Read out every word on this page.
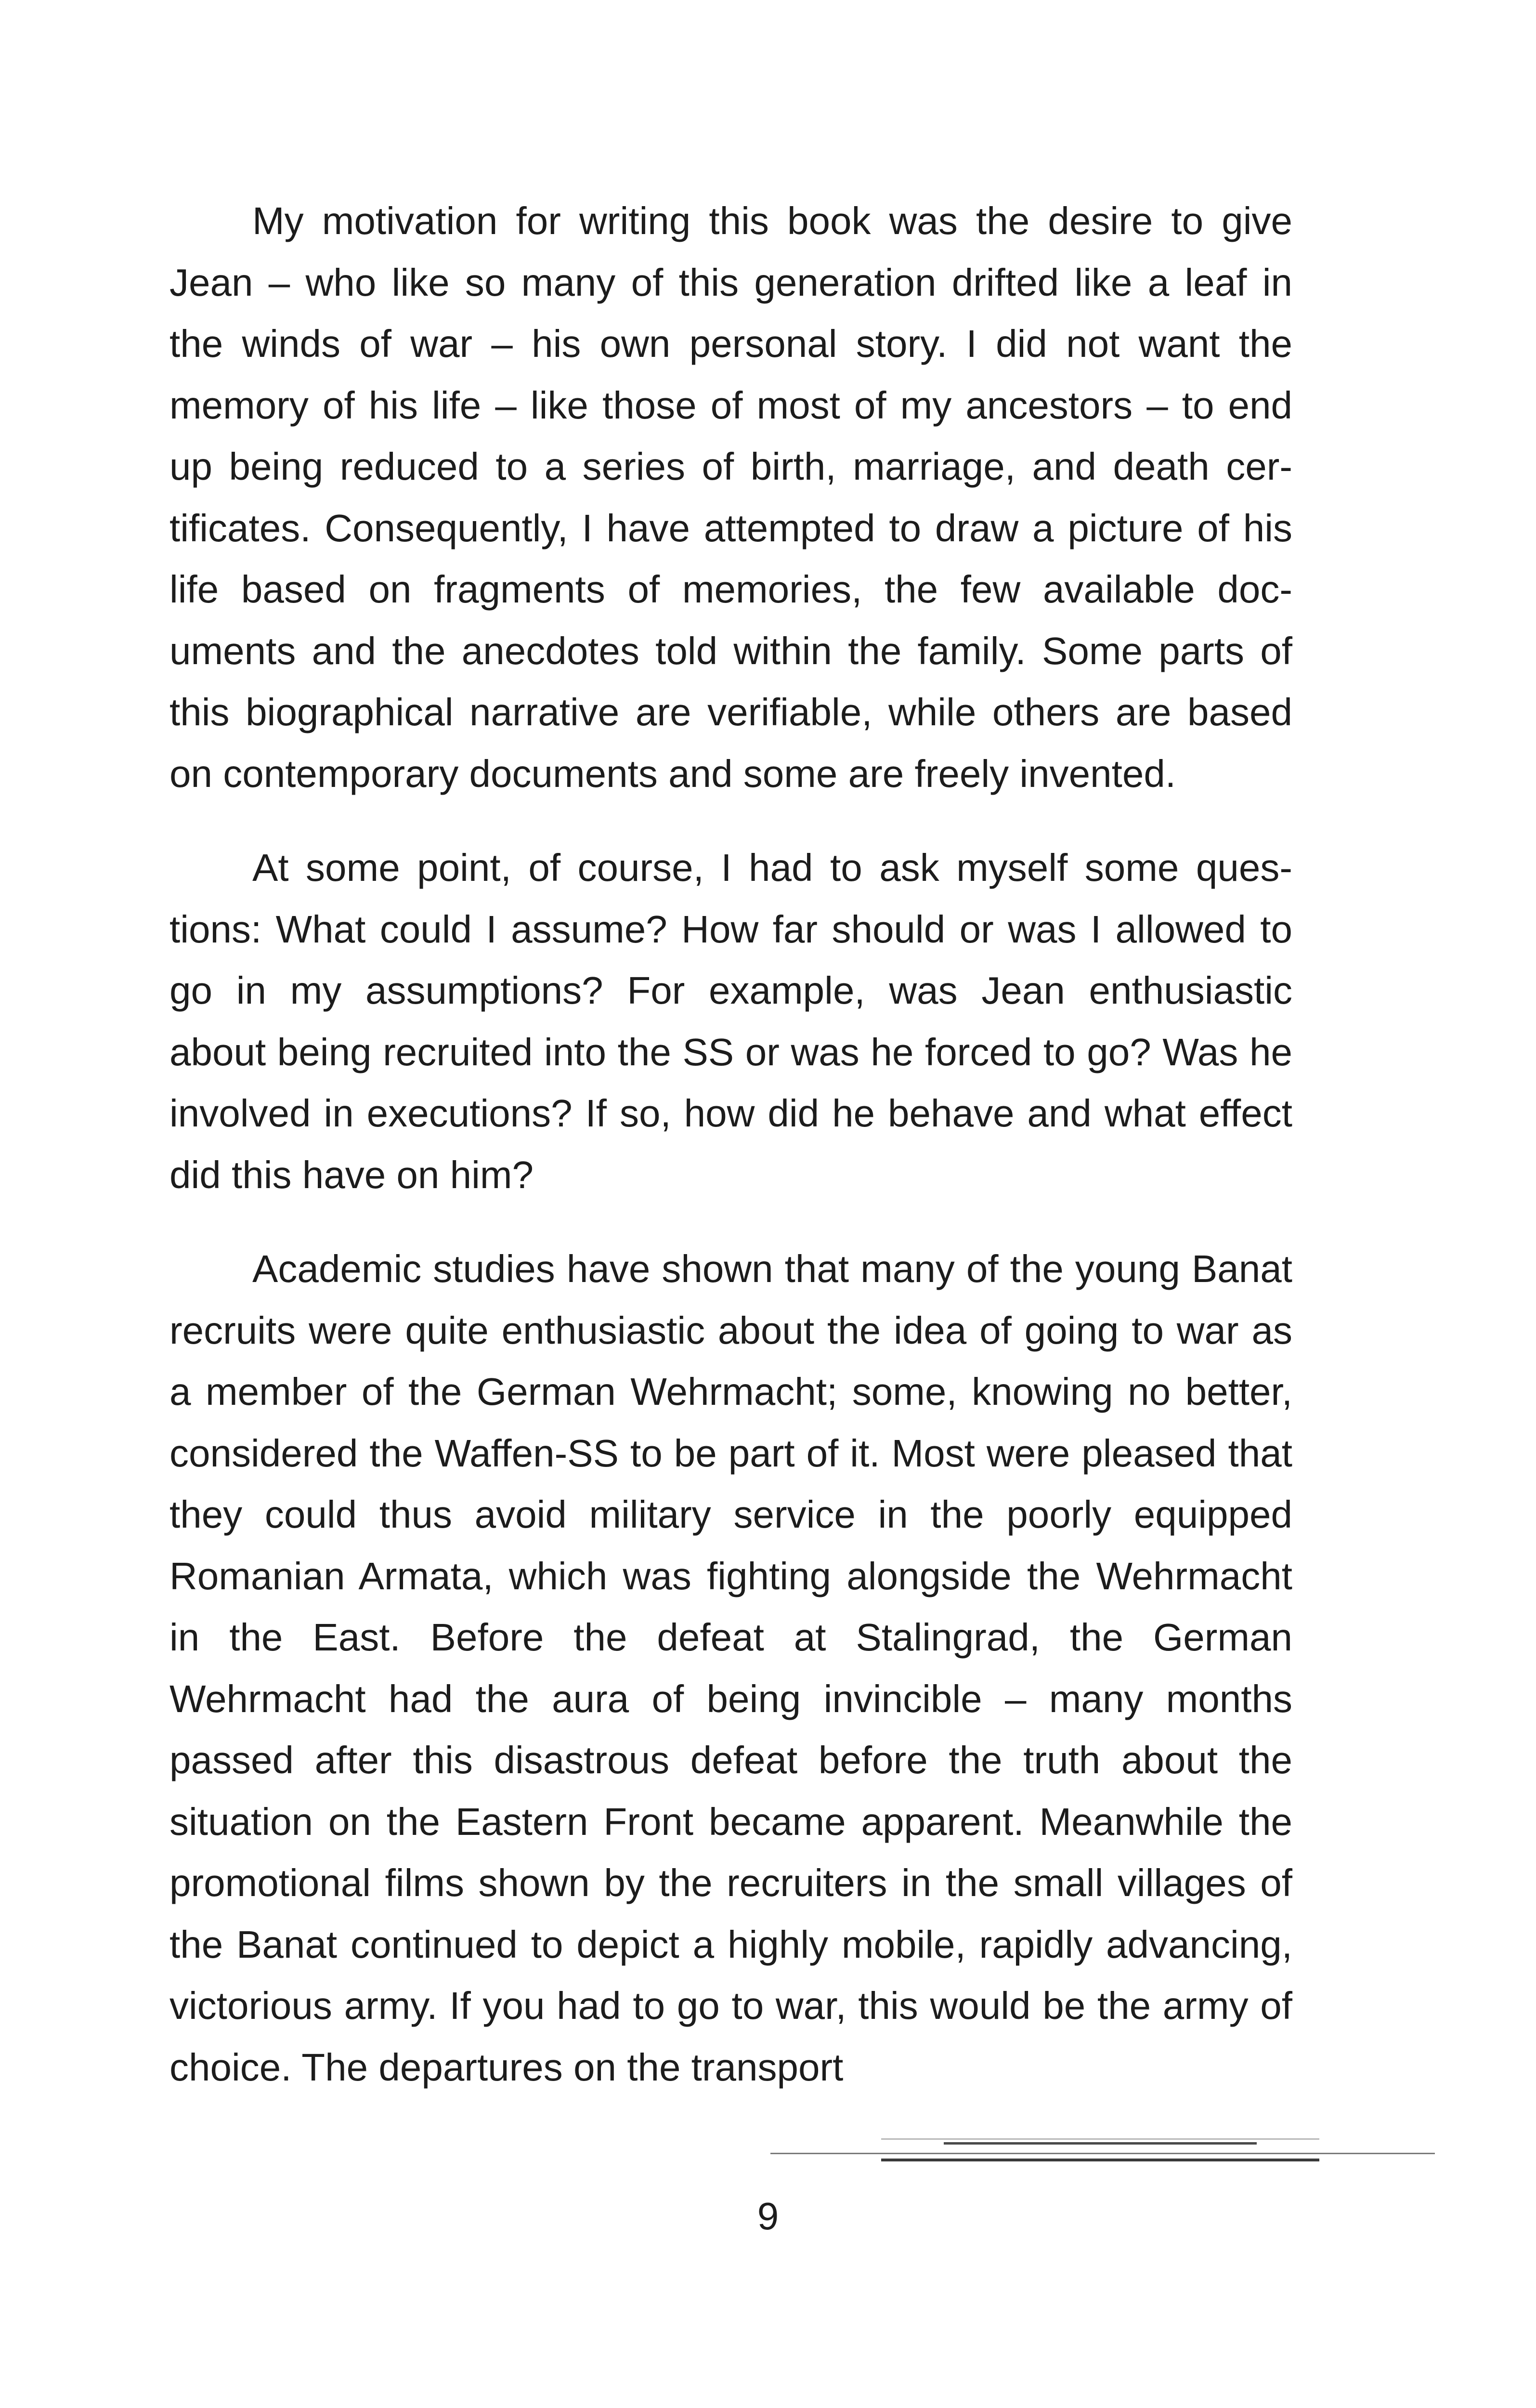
My motivation for writing this book was the desire to give Jean – who like so many of this generation drifted like a leaf in the winds of war – his own personal story. I did not want the memory of his life – like those of most of my ancestors – to end up being reduced to a series of birth, marriage, and death certificates. Consequently, I have attempted to draw a picture of his life based on fragments of memories, the few available documents and the anecdotes told within the family. Some parts of this biographical narrative are verifiable, while others are based on contemporary documents and some are freely invented.

At some point, of course, I had to ask myself some questions: What could I assume? How far should or was I allowed to go in my assumptions? For example, was Jean enthusiastic about being recruited into the SS or was he forced to go? Was he involved in executions? If so, how did he behave and what effect did this have on him?

Academic studies have shown that many of the young Banat recruits were quite enthusiastic about the idea of going to war as a member of the German Wehrmacht; some, knowing no better, considered the Waffen-SS to be part of it. Most were pleased that they could thus avoid military service in the poorly equipped Romanian Armata, which was fighting alongside the Wehrmacht in the East. Before the defeat at Stalingrad, the German Wehrmacht had the aura of being invincible – many months passed after this disastrous defeat before the truth about the situation on the Eastern Front became apparent. Meanwhile the promotional films shown by the recruiters in the small villages of the Banat continued to depict a highly mobile, rapidly advancing, victorious army. If you had to go to war, this would be the army of choice. The departures on the transport

9
